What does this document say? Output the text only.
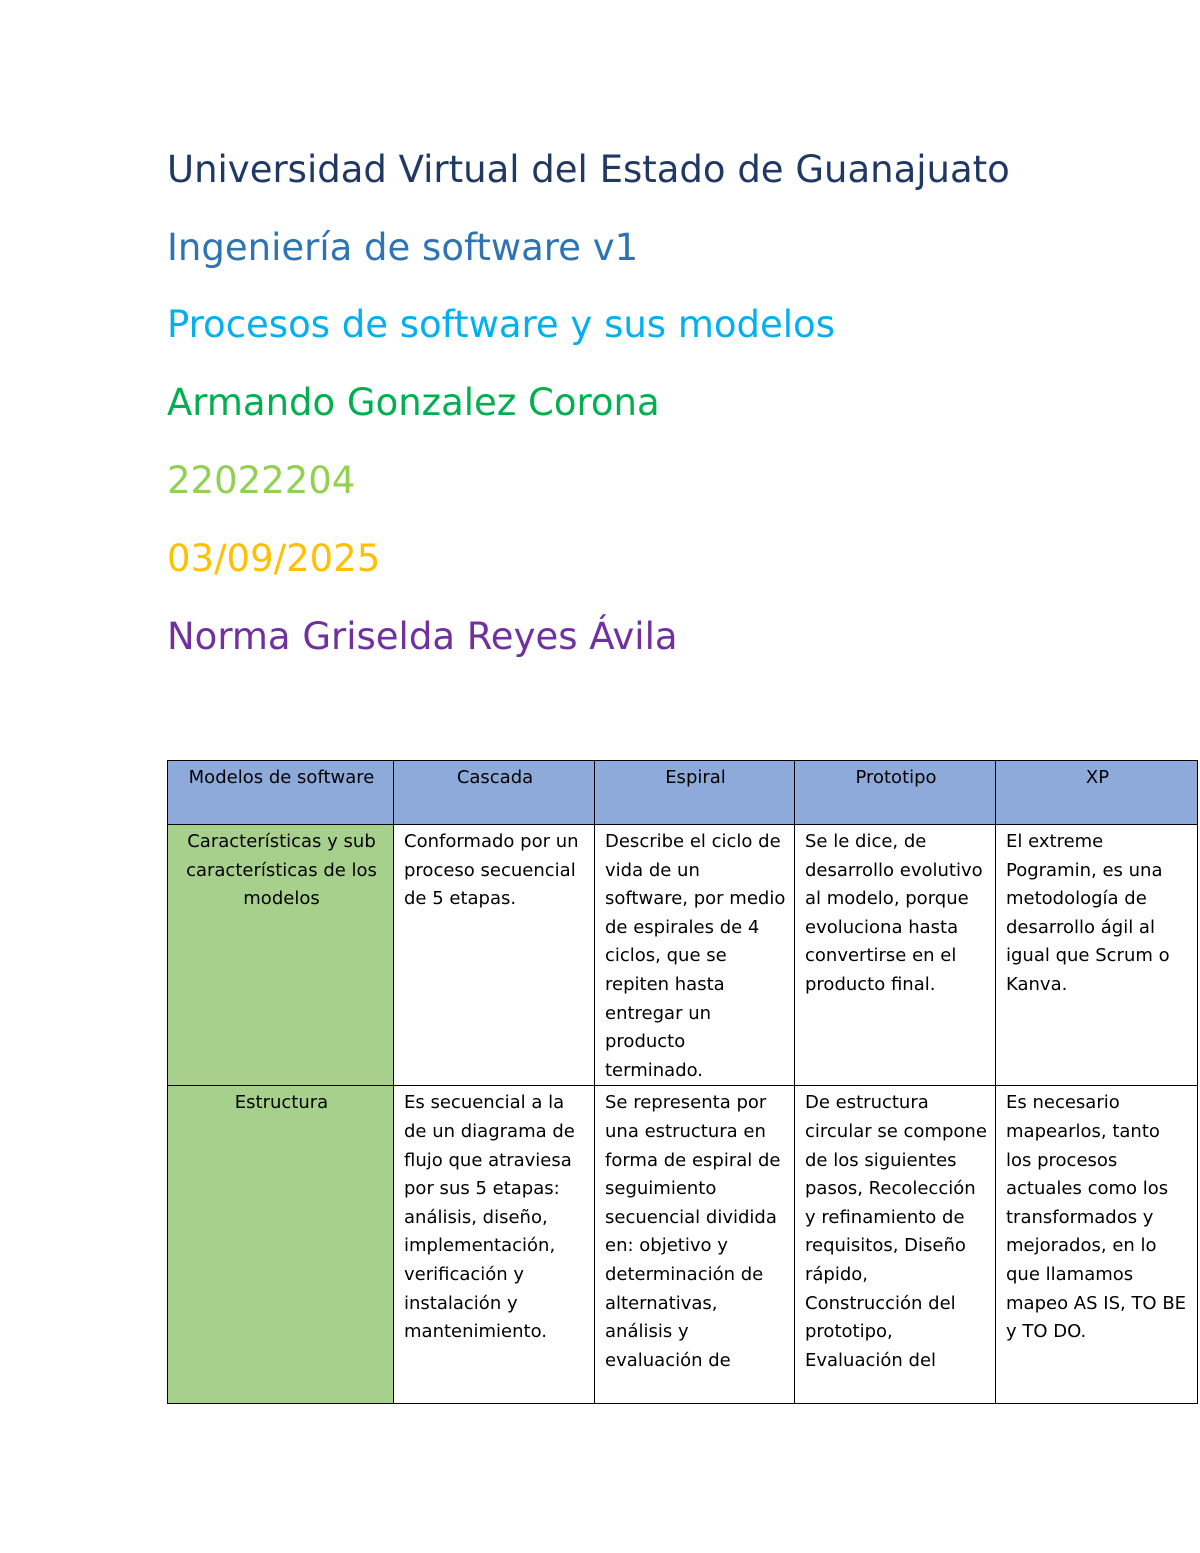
Universidad Virtual del Estado de Guanajuato
Ingeniería de software v1
Procesos de software y sus modelos
Armando Gonzalez Corona
22022204
03/09/2025
Norma Griselda Reyes Ávila
Modelos de software	Cascada	Espiral	Prototipo	XP
Características y sub características de los modelos	Conformado por un proceso secuencial de 5 etapas.	Describe el ciclo de vida de un software, por medio de espirales de 4 ciclos, que se repiten hasta entregar un producto terminado.	Se le dice, de desarrollo evolutivo al modelo, porque evoluciona hasta convertirse en el producto final.	El extreme Pogramin, es una metodología de desarrollo ágil al igual que Scrum o Kanva.

Estructura	Es secuencial a la de un diagrama de flujo que atraviesa por sus 5 etapas: análisis, diseño, implementación, verificación y instalación y mantenimiento.	Se representa por una estructura en forma de espiral de seguimiento secuencial dividida en: objetivo y determinación de alternativas, análisis y evaluación de	De estructura circular se compone de los siguientes pasos, Recolección y refinamiento de requisitos, Diseño rápido, Construcción del prototipo, Evaluación del	Es necesario mapearlos, tanto los procesos actuales como los transformados y mejorados, en lo que llamamos mapeo AS IS, TO BE y TO DO.
